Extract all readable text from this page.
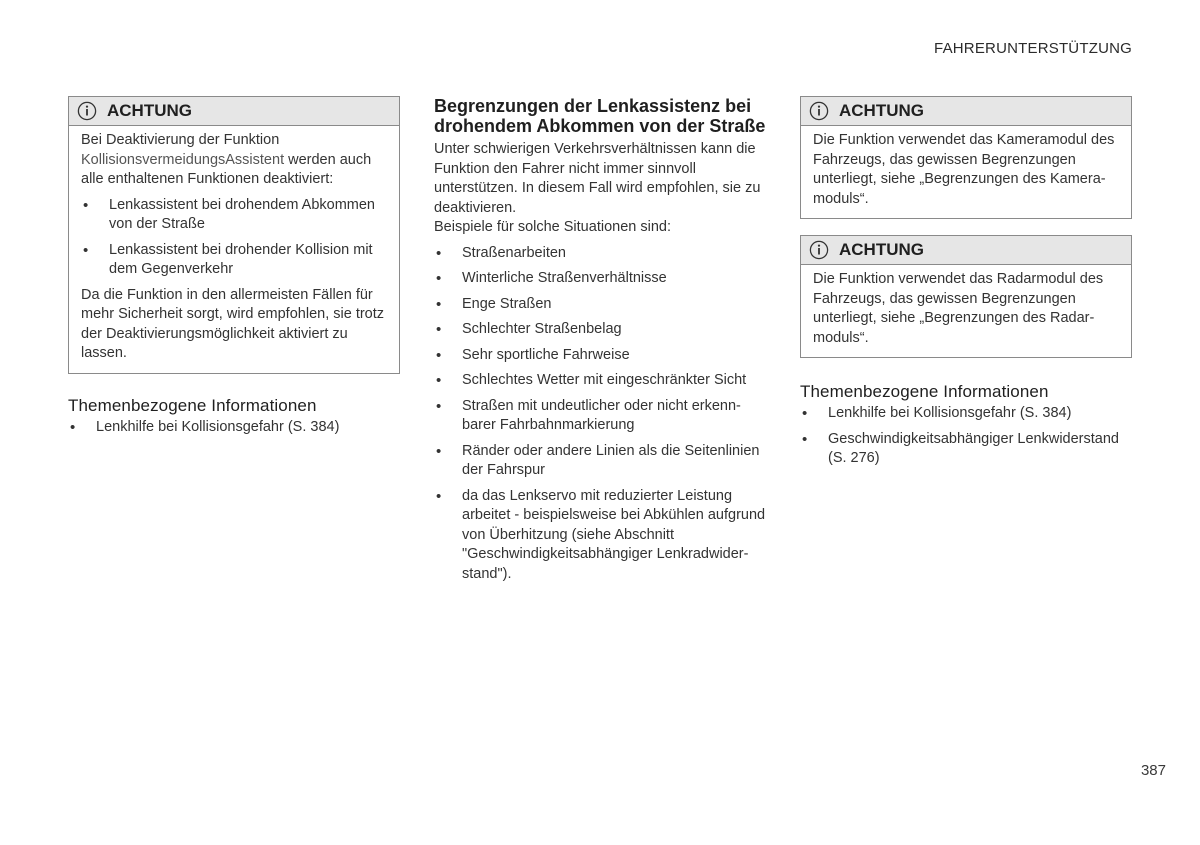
FAHRERUNTERSTÜTZUNG
ACHTUNG

Bei Deaktivierung der Funktion KollisionsvermeidungsAssistent werden auch alle enthaltenen Funktionen deaktiviert:

• Lenkassistent bei drohendem Abkommen von der Straße
• Lenkassistent bei drohender Kollision mit dem Gegenverkehr

Da die Funktion in den allermeisten Fällen für mehr Sicherheit sorgt, wird empfohlen, sie trotz der Deaktivierungsmöglichkeit aktiviert zu lassen.

Themenbezogene Informationen
• Lenkhilfe bei Kollisionsgefahr (S. 384)
Begrenzungen der Lenkassistenz bei drohendem Abkommen von der Straße

Unter schwierigen Verkehrsverhältnissen kann die Funktion den Fahrer nicht immer sinnvoll unterstützen. In diesem Fall wird empfohlen, sie zu deaktivieren.

Beispiele für solche Situationen sind:

• Straßenarbeiten
• Winterliche Straßenverhältnisse
• Enge Straßen
• Schlechter Straßenbelag
• Sehr sportliche Fahrweise
• Schlechtes Wetter mit eingeschränkter Sicht
• Straßen mit undeutlicher oder nicht erkennbarer Fahrbahnmarkierung
• Ränder oder andere Linien als die Seitenlinien der Fahrspur
• da das Lenkservo mit reduzierter Leistung arbeitet - beispielsweise bei Abkühlen aufgrund von Überhitzung (siehe Abschnitt "Geschwindigkeitsabhängiger Lenkradwiderstand").
ACHTUNG

Die Funktion verwendet das Kameramodul des Fahrzeugs, das gewissen Begrenzungen unterliegt, siehe „Begrenzungen des Kameramoduls“.

ACHTUNG

Die Funktion verwendet das Radarmodul des Fahrzeugs, das gewissen Begrenzungen unterliegt, siehe „Begrenzungen des Radarmoduls“.

Themenbezogene Informationen
• Lenkhilfe bei Kollisionsgefahr (S. 384)
• Geschwindigkeitsabhängiger Lenkwiderstand (S. 276)
387
